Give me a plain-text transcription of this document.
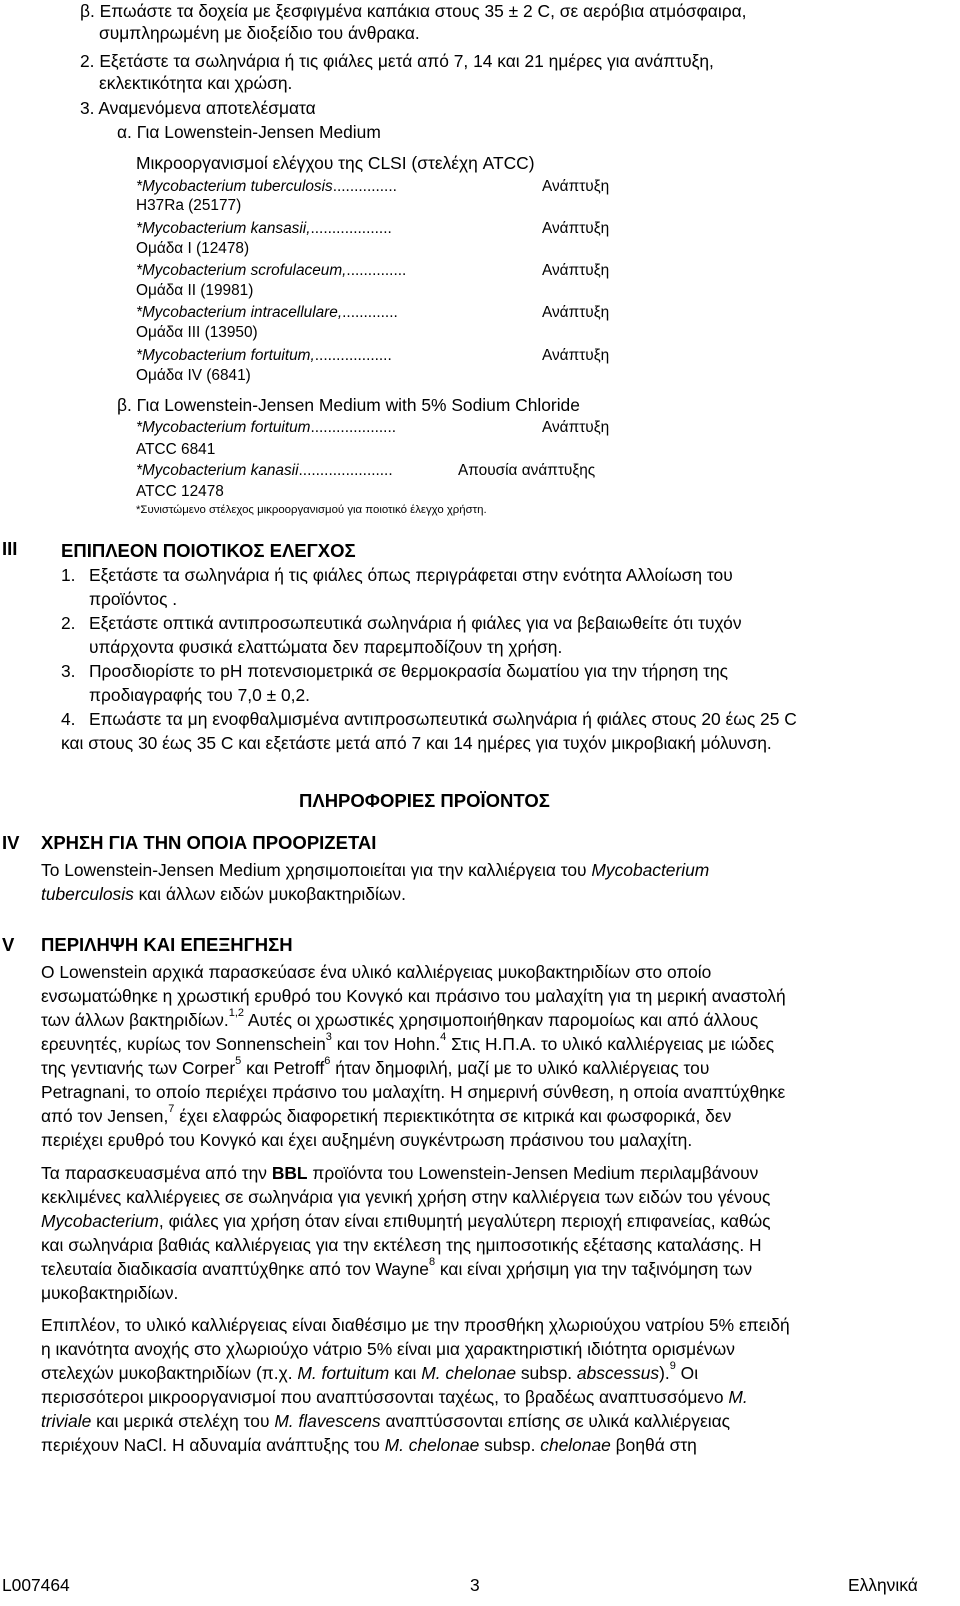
β. Επωάστε τα δοχεία με ξεσφιγμένα καπάκια στους 35 ± 2 C, σε αερόβια ατμόσφαιρα,
συμπληρωμένη με διοξείδιο του άνθρακα.
2. Εξετάστε τα σωληνάρια ή τις φιάλες μετά από 7, 14 και 21 ημέρες για ανάπτυξη,
εκλεκτικότητα και χρώση.
3. Αναμενόμενα αποτελέσματα
α. Για Lowenstein-Jensen Medium
Μικροοργανισμοί ελέγχου της CLSI (στελέχη ATCC)
*Mycobacterium tuberculosis...............	Ανάπτυξη
H37Ra (25177)
*Mycobacterium kansasii,...................	Ανάπτυξη
Ομάδα I (12478)
*Mycobacterium scrofulaceum,..............	Ανάπτυξη
Ομάδα II (19981)
*Mycobacterium intracellulare,.............	Ανάπτυξη
Ομάδα III (13950)
*Mycobacterium fortuitum,..................	Ανάπτυξη
Ομάδα IV (6841)
β. Για Lowenstein-Jensen Medium with 5% Sodium Chloride
*Mycobacterium fortuitum....................	Ανάπτυξη
ATCC 6841
*Mycobacterium kanasii......................	Απουσία ανάπτυξης
ATCC 12478
*Συνιστώμενο στέλεχος μικροοργανισμού για ποιοτικό έλεγχο χρήστη.
III ΕΠΙΠΛΕΟΝ ΠΟΙΟΤΙΚΟΣ ΕΛΕΓΧΟΣ
1. Εξετάστε τα σωληνάρια ή τις φιάλες όπως περιγράφεται στην ενότητα Αλλοίωση του
προϊόντος .
2. Εξετάστε οπτικά αντιπροσωπευτικά σωληνάρια ή φιάλες για να βεβαιωθείτε ότι τυχόν
υπάρχοντα φυσικά ελαττώματα δεν παρεμποδίζουν τη χρήση.
3. Προσδιορίστε το pH ποτενσιομετρικά σε θερμοκρασία δωματίου για την τήρηση της
προδιαγραφής του 7,0 ± 0,2.
4. Επωάστε τα μη ενοφθαλμισμένα αντιπροσωπευτικά σωληνάρια ή φιάλες στους 20 έως 25 C
και στους 30 έως 35 C και εξετάστε μετά από 7 και 14 ημέρες για τυχόν μικροβιακή μόλυνση.
ΠΛΗΡΟΦΟΡΙΕΣ ΠΡΟΪΟΝΤΟΣ
IV ΧΡΗΣΗ ΓΙΑ ΤΗΝ ΟΠΟΙΑ ΠΡΟΟΡΙΖΕΤΑΙ
Το Lowenstein-Jensen Medium χρησιμοποιείται για την καλλιέργεια του Mycobacterium
tuberculosis και άλλων ειδών μυκοβακτηριδίων.
V ΠΕΡΙΛΗΨΗ ΚΑΙ ΕΠΕΞΗΓΗΣΗ
Ο Lowenstein αρχικά παρασκεύασε ένα υλικό καλλιέργειας μυκοβακτηριδίων στο οποίο
ενσωματώθηκε η χρωστική ερυθρό του Κονγκό και πράσινο του μαλαχίτη για τη μερική αναστολή
των άλλων βακτηριδίων.$^{1,2}$ Αυτές οι χρωστικές χρησιμοποιήθηκαν παρομοίως και από άλλους
ερευνητές, κυρίως τον Sonnenschein$^3$ και τον Hohn.$^4$ Στις Η.Π.Α. το υλικό καλλιέργειας με ιώδες
της γεντιανής των Corper$^5$ και Petroff$^6$ ήταν δημοφιλή, μαζί με το υλικό καλλιέργειας του
Petragnani, το οποίο περιέχει πράσινο του μαλαχίτη. Η σημερινή σύνθεση, η οποία αναπτύχθηκε
από τον Jensen,$^7$ έχει ελαφρώς διαφορετική περιεκτικότητα σε κιτρικά και φωσφορικά, δεν
περιέχει ερυθρό του Κονγκό και έχει αυξημένη συγκέντρωση πράσινου του μαλαχίτη.
Τα παρασκευασμένα από την BBL προϊόντα του Lowenstein-Jensen Medium περιλαμβάνουν
κεκλιμένες καλλιέργειες σε σωληνάρια για γενική χρήση στην καλλιέργεια των ειδών του γένους
Mycobacterium, φιάλες για χρήση όταν είναι επιθυμητή μεγαλύτερη περιοχή επιφανείας, καθώς
και σωληνάρια βαθιάς καλλιέργειας για την εκτέλεση της ημιποσοτικής εξέτασης καταλάσης. Η
τελευταία διαδικασία αναπτύχθηκε από τον Wayne$^8$ και είναι χρήσιμη για την ταξινόμηση των
μυκοβακτηριδίων.
Επιπλέον, το υλικό καλλιέργειας είναι διαθέσιμο με την προσθήκη χλωριούχου νατρίου 5% επειδή
η ικανότητα ανοχής στο χλωριούχο νάτριο 5% είναι μια χαρακτηριστική ιδιότητα ορισμένων
στελεχών μυκοβακτηριδίων (π.χ. M. fortuitum και M. chelonae subsp. abscessus).$^9$ Οι
περισσότεροι μικροοργανισμοί που αναπτύσσονται ταχέως, το βραδέως αναπτυσσόμενο M.
triviale και μερικά στελέχη του M. flavescens αναπτύσσονται επίσης σε υλικά καλλιέργειας
περιέχουν NaCl. Η αδυναμία ανάπτυξης του M. chelonae subsp. chelonae βοηθά στη
L007464	3	Ελληνικά
